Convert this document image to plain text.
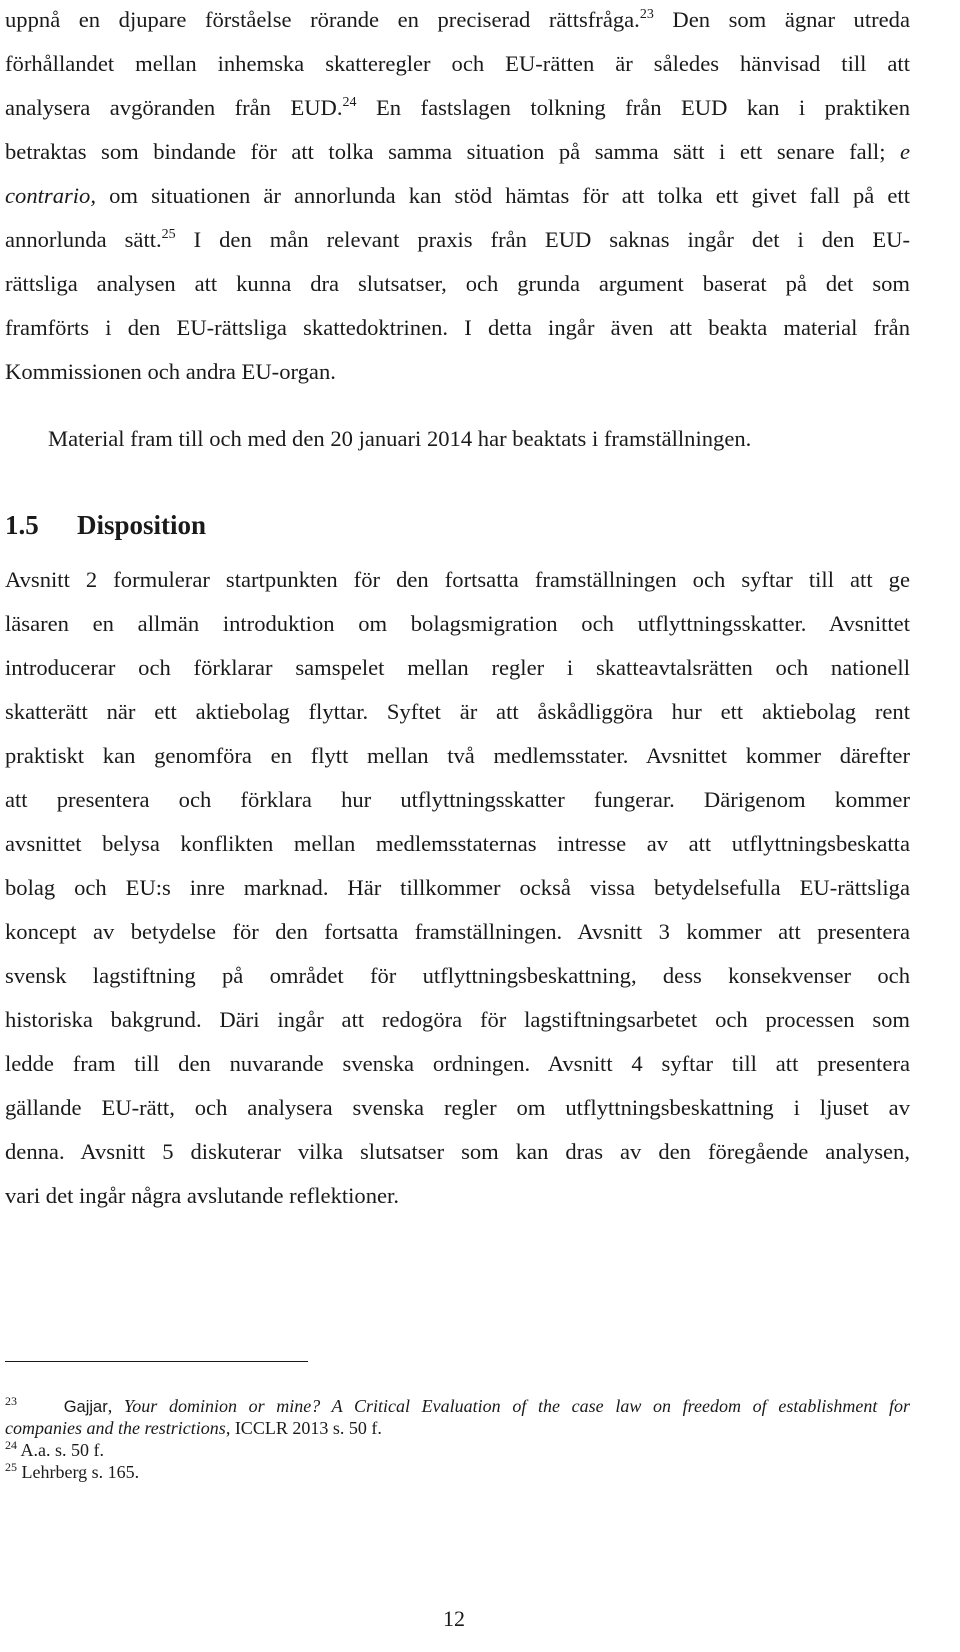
uppnå en djupare förståelse rörande en preciserad rättsfråga.$^{23}$ Den som ägnar utreda
förhållandet mellan inhemska skatteregler och EU-rätten är således hänvisad till att
analysera avgöranden från EUD.$^{24}$ En fastslagen tolkning från EUD kan i praktiken
betraktas som bindande för att tolka samma situation på samma sätt i ett senare fall; e
contrario, om situationen är annorlunda kan stöd hämtas för att tolka ett givet fall på ett
annorlunda sätt.$^{25}$ I den mån relevant praxis från EUD saknas ingår det i den EU-
rättsliga analysen att kunna dra slutsatser, och grunda argument baserat på det som
framförts i den EU-rättsliga skattedoktrinen. I detta ingår även att beakta material från
Kommissionen och andra EU-organ.
Material fram till och med den 20 januari 2014 har beaktats i framställningen.
1.5 Disposition
Avsnitt 2 formulerar startpunkten för den fortsatta framställningen och syftar till att ge
läsaren en allmän introduktion om bolagsmigration och utflyttningsskatter. Avsnittet
introducerar och förklarar samspelet mellan regler i skatteavtalsrätten och nationell
skatterätt när ett aktiebolag flyttar. Syftet är att åskådliggöra hur ett aktiebolag rent
praktiskt kan genomföra en flytt mellan två medlemsstater. Avsnittet kommer därefter
att presentera och förklara hur utflyttningsskatter fungerar. Därigenom kommer
avsnittet belysa konflikten mellan medlemsstaternas intresse av att utflyttningsbeskatta
bolag och EU:s inre marknad. Här tillkommer också vissa betydelsefulla EU-rättsliga
koncept av betydelse för den fortsatta framställningen. Avsnitt 3 kommer att presentera
svensk lagstiftning på området för utflyttningsbeskattning, dess konsekvenser och
historiska bakgrund. Däri ingår att redogöra för lagstiftningsarbetet och processen som
ledde fram till den nuvarande svenska ordningen. Avsnitt 4 syftar till att presentera
gällande EU-rätt, och analysera svenska regler om utflyttningsbeskattning i ljuset av
denna. Avsnitt 5 diskuterar vilka slutsatser som kan dras av den föregående analysen,
vari det ingår några avslutande reflektioner.
$^{23}$	Gajjar, Your dominion or mine? A Critical Evaluation of the case law on freedom of establishment for
companies and the restrictions, ICCLR 2013 s. 50 f.
$^{24}$ A.a. s. 50 f.
$^{25}$ Lehrberg s. 165.
12
